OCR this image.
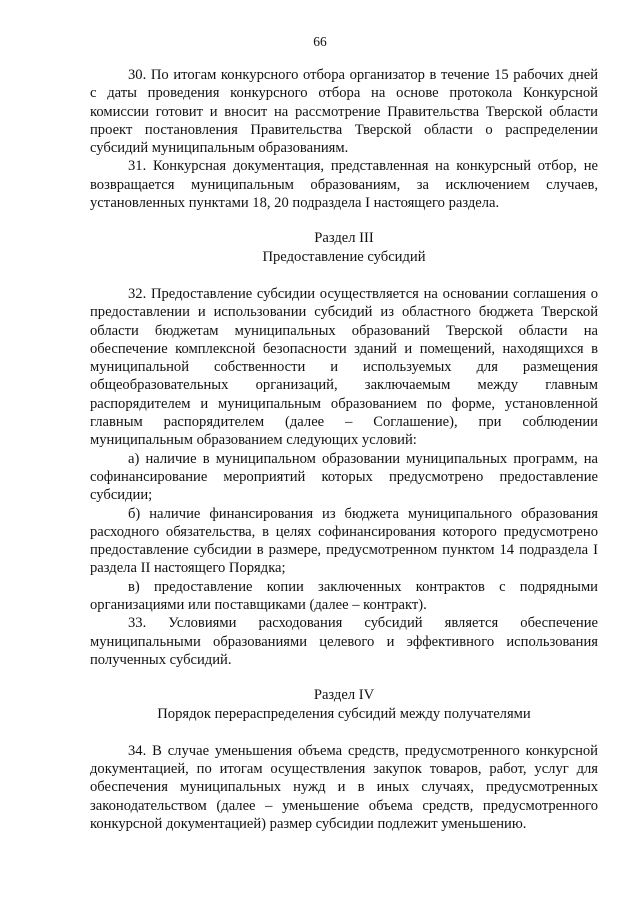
66

30. По итогам конкурсного отбора организатор в течение 15 рабочих дней с даты проведения конкурсного отбора на основе протокола Конкурсной комиссии готовит и вносит на рассмотрение Правительства Тверской области проект постановления Правительства Тверской области о распределении субсидий муниципальным образованиям.

31. Конкурсная документация, представленная на конкурсный отбор, не возвращается муниципальным образованиям, за исключением случаев, установленных пунктами 18, 20 подраздела I настоящего раздела.

Раздел III

Предоставление субсидий

32. Предоставление субсидии осуществляется на основании соглашения о предоставлении и использовании субсидий из областного бюджета Тверской области бюджетам муниципальных образований Тверской области на обеспечение комплексной безопасности зданий и помещений, находящихся в муниципальной собственности и используемых для размещения общеобразовательных организаций, заключаемым между главным распорядителем и муниципальным образованием по форме, установленной главным распорядителем (далее – Соглашение), при соблюдении муниципальным образованием следующих условий:

а) наличие в муниципальном образовании муниципальных программ, на софинансирование мероприятий которых предусмотрено предоставление субсидии;

б) наличие финансирования из бюджета муниципального образования расходного обязательства, в целях софинансирования которого предусмотрено предоставление субсидии в размере, предусмотренном пунктом 14 подраздела I раздела II настоящего Порядка;

в) предоставление копии заключенных контрактов с подрядными организациями или поставщиками (далее – контракт).

33. Условиями расходования субсидий является обеспечение муниципальными образованиями целевого и эффективного использования полученных субсидий.

Раздел IV

Порядок перераспределения субсидий между получателями

34. В случае уменьшения объема средств, предусмотренного конкурсной документацией, по итогам осуществления закупок товаров, работ, услуг для обеспечения муниципальных нужд и в иных случаях, предусмотренных законодательством (далее – уменьшение объема средств, предусмотренного конкурсной документацией) размер субсидии подлежит уменьшению.
